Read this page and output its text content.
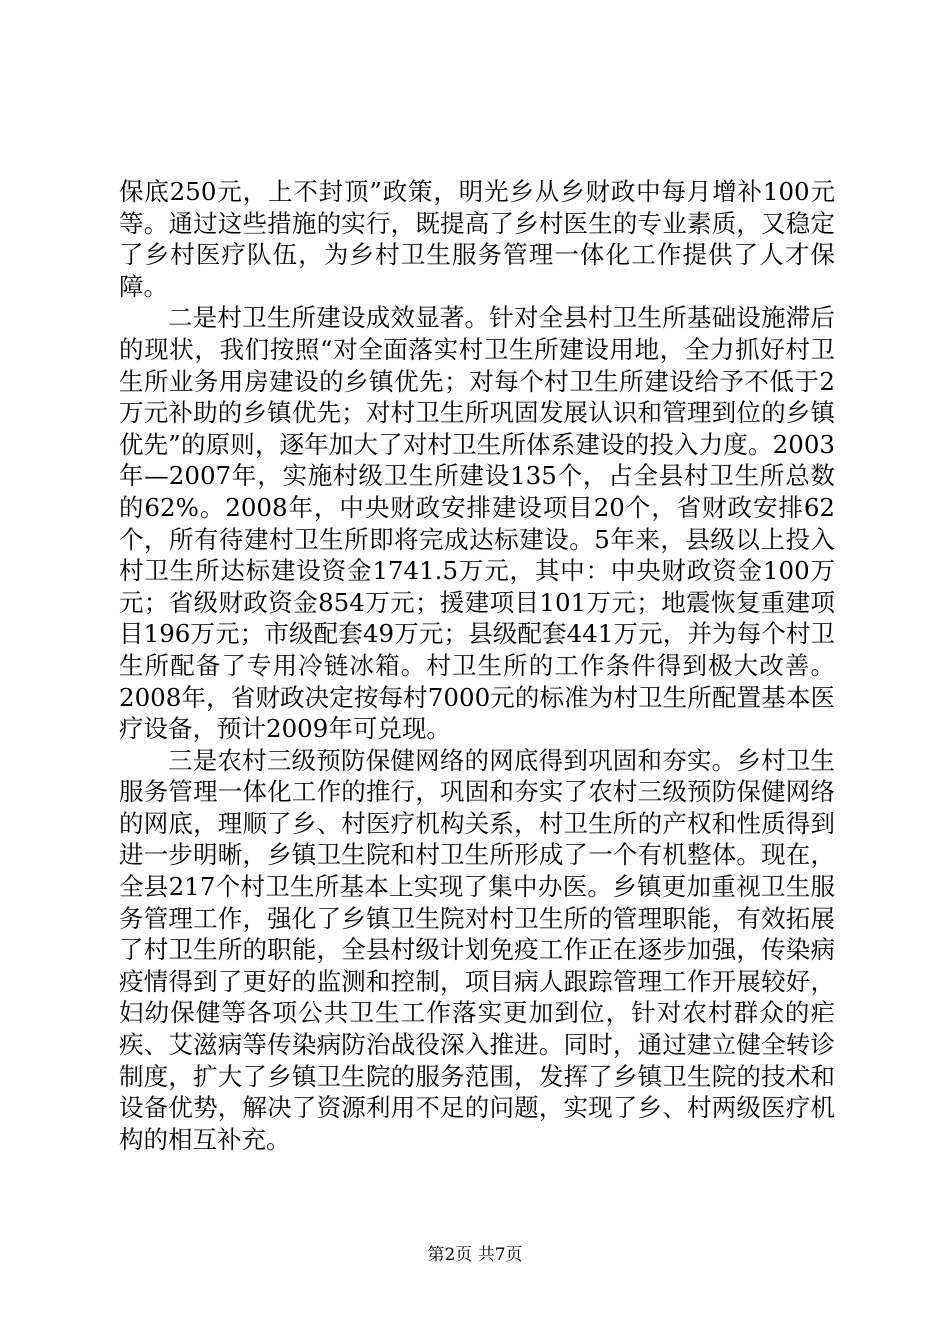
保底250元，上不封顶”政策，明光乡从乡财政中每月增补100元等。通过这些措施的实行，既提高了乡村医生的专业素质，又稳定了乡村医疗队伍，为乡村卫生服务管理一体化工作提供了人才保障。

二是村卫生所建设成效显著。针对全县村卫生所基础设施滞后的现状，我们按照“对全面落实村卫生所建设用地，全力抓好村卫生所业务用房建设的乡镇优先；对每个村卫生所建设给予不低于2万元补助的乡镇优先；对村卫生所巩固发展认识和管理到位的乡镇优先”的原则，逐年加大了对村卫生所体系建设的投入力度。2003年—2007年，实施村级卫生所建设135个，占全县村卫生所总数的62%。2008年，中央财政安排建设项目20个，省财政安排62个，所有待建村卫生所即将完成达标建设。5年来，县级以上投入村卫生所达标建设资金1741.5万元，其中：中央财政资金100万元；省级财政资金854万元；援建项目101万元；地震恢复重建项目196万元；市级配套49万元；县级配套441万元，并为每个村卫生所配备了专用冷链冰箱。村卫生所的工作条件得到极大改善。2008年，省财政决定按每村7000元的标准为村卫生所配置基本医疗设备，预计2009年可兑现。

三是农村三级预防保健网络的网底得到巩固和夯实。乡村卫生服务管理一体化工作的推行，巩固和夯实了农村三级预防保健网络的网底，理顺了乡、村医疗机构关系，村卫生所的产权和性质得到进一步明晰，乡镇卫生院和村卫生所形成了一个有机整体。现在，全县217个村卫生所基本上实现了集中办医。乡镇更加重视卫生服务管理工作，强化了乡镇卫生院对村卫生所的管理职能，有效拓展了村卫生所的职能，全县村级计划免疫工作正在逐步加强，传染病疫情得到了更好的监测和控制，项目病人跟踪管理工作开展较好，妇幼保健等各项公共卫生工作落实更加到位，针对农村群众的疟疾、艾滋病等传染病防治战役深入推进。同时，通过建立健全转诊制度，扩大了乡镇卫生院的服务范围，发挥了乡镇卫生院的技术和设备优势，解决了资源利用不足的问题，实现了乡、村两级医疗机构的相互补充。

第2页 共7页
